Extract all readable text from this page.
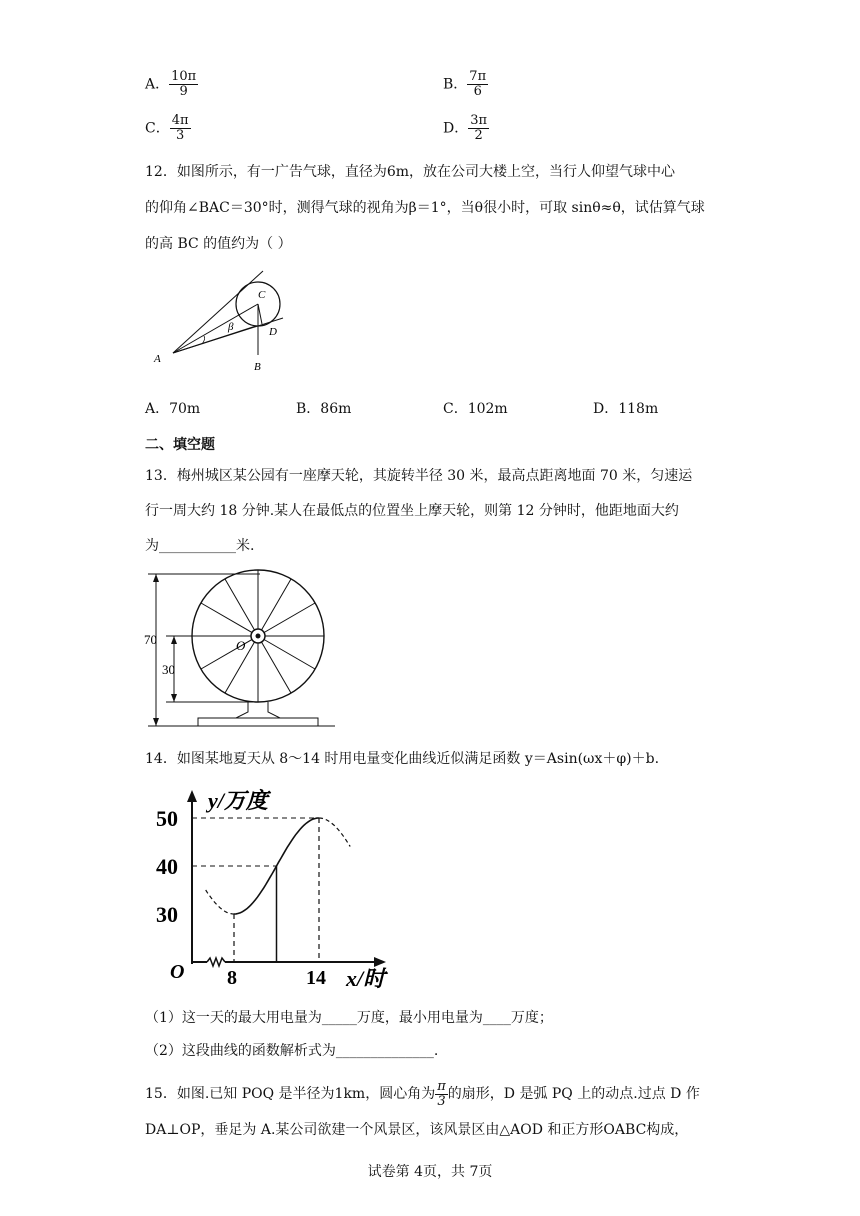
A． $\frac{10\pi}{9}$	B． $\frac{7\pi}{6}$
C． $\frac{4\pi}{3}$	D． $\frac{3\pi}{2}$
12．如图所示，有一广告气球，直径为6m，放在公司大楼上空，当行人仰望气球中心
的仰角∠BAC＝30°时，测得气球的视角为β＝1°，当θ很小时，可取 sinθ≈θ，试估算气球
的高 BC 的值约为（ ）
β
C
D
A
B
A．70m	B．86m	C．102m	D．118m
二、填空题
13．梅州城区某公园有一座摩天轮，其旋转半径 30 米，最高点距离地面 70 米，匀速运
行一周大约 18 分钟.某人在最低点的位置坐上摩天轮，则第 12 分钟时，他距地面大约
为___________米.
70
30
O
14．如图某地夏天从 8～14 时用电量变化曲线近似满足函数 y＝Asin(ωx＋φ)＋b.
y/万度
x/时
O
50
40
30
8	14
（1）这一天的最大用电量为_____万度，最小用电量为____万度；
（2）这段曲线的函数解析式为______________.
15．如图.已知 POQ 是半径为1km，圆心角为 $\frac{\pi}{3}$ 的扇形，D 是弧 PQ 上的动点.过点 D 作
DA⊥OP，垂足为 A.某公司欲建一个风景区，该风景区由△AOD 和正方形OABC构成，
试卷第 4页，共 7页
